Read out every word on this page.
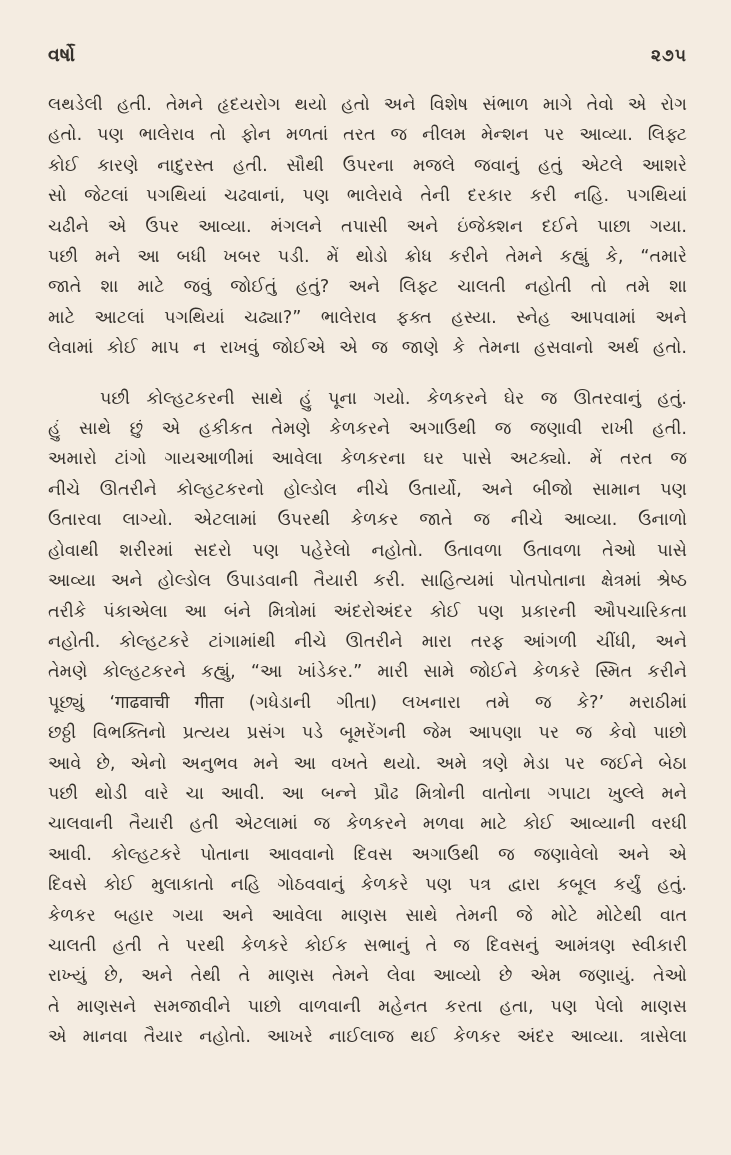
વર્ષો	૨૭૫

લથડેલી હતી. તેમને હૃદયરોગ થયો હતો અને વિશેષ સંભાળ માગે તેવો એ રોગ
હતો. પણ ભાલેરાવ તો ફોન મળતાં તરત જ નીલમ મેન્શન પર આવ્યા. લિફ્ટ
કોઈ કારણે નાદુરસ્ત હતી. સૌથી ઉપરના મજલે જવાનું હતું એટલે આશરે
સો જેટલાં પગથિયાં ચઢવાનાં, પણ ભાલેરાવે તેની દરકાર કરી નહિ. પગથિયાં
ચઢીને એ ઉપર આવ્યા. મંગલને તપાસી અને ઇંજેક્શન દઈને પાછા ગયા.
પછી મને આ બધી ખબર પડી. મેં થોડો ક્રોધ કરીને તેમને કહ્યું કે, “તમારે
જાતે શા માટે જવું જોઈતું હતું? અને લિફ્ટ ચાલતી નહોતી તો તમે શા
માટે આટલાં પગથિયાં ચઢ્યા?” ભાલેરાવ ફક્ત હસ્યા. સ્નેહ આપવામાં અને
લેવામાં કોઈ માપ ન રાખવું જોઈએ એ જ જાણે કે તેમના હસવાનો અર્થ હતો.

પછી કોલ્હટકરની સાથે હું પૂના ગયો. કેળકરને ઘેર જ ઊતરવાનું હતું.
હું સાથે છું એ હકીકત તેમણે કેળકરને અગાઉથી જ જણાવી રાખી હતી.
અમારો ટાંગો ગાયઆળીમાં આવેલા કેળકરના ઘર પાસે અટક્યો. મેં તરત જ
નીચે ઊતરીને કોલ્હટકરનો હોલ્ડોલ નીચે ઉતાર્યો, અને બીજો સામાન પણ
ઉતારવા લાગ્યો. એટલામાં ઉપરથી કેળકર જાતે જ નીચે આવ્યા. ઉનાળો
હોવાથી શરીરમાં સદરો પણ પહેરેલો નહોતો. ઉતાવળા ઉતાવળા તેઓ પાસે
આવ્યા અને હોલ્ડોલ ઉપાડવાની તૈયારી કરી. સાહિત્યમાં પોતપોતાના ક્ષેત્રમાં શ્રેષ્ઠ
તરીકે પંકાએલા આ બંને મિત્રોમાં અંદરોઅંદર કોઈ પણ પ્રકારની ઔપચારિકતા
નહોતી. કોલ્હટકરે ટાંગામાંથી નીચે ઊતરીને મારા તરફ આંગળી ચીંધી, અને
તેમણે કોલ્હટકરને કહ્યું, “આ ખાંડેકર.” મારી સામે જોઈને કેળકરે સ્મિત કરીને
પૂછ્યું ‘गाढवाची गीता (ગધેડાની ગીતા) લખનારા તમે જ કે?’ મરાઠીમાં
છઠ્ઠી વિભક્તિનો પ્રત્યય પ્રસંગ પડે બૂમરેંગની જેમ આપણા પર જ કેવો પાછો
આવે છે, એનો અનુભવ મને આ વખતે થયો. અમે ત્રણે મેડા પર જઈને બેઠા
પછી થોડી વારે ચા આવી. આ બન્ને પ્રૌઢ મિત્રોની વાતોના ગપાટા ખુલ્લે મને
ચાલવાની તૈયારી હતી એટલામાં જ કેળકરને મળવા માટે કોઈ આવ્યાની વરધી
આવી. કોલ્હટકરે પોતાના આવવાનો દિવસ અગાઉથી જ જણાવેલો અને એ
દિવસે કોઈ મુલાકાતો નહિ ગોઠવવાનું કેળકરે પણ પત્ર દ્વારા કબૂલ કર્યું હતું.
કેળકર બહાર ગયા અને આવેલા માણસ સાથે તેમની જે મોટે મોટેથી વાત
ચાલતી હતી તે પરથી કેળકરે કોઈક સભાનું તે જ દિવસનું આમંત્રણ સ્વીકારી
રાખ્યું છે, અને તેથી તે માણસ તેમને લેવા આવ્યો છે એમ જણાયું. તેઓ
તે માણસને સમજાવીને પાછો વાળવાની મહેનત કરતા હતા, પણ પેલો માણસ
એ માનવા તૈયાર નહોતો. આખરે નાઈલાજ થઈ કેળકર અંદર આવ્યા. ત્રાસેલા
